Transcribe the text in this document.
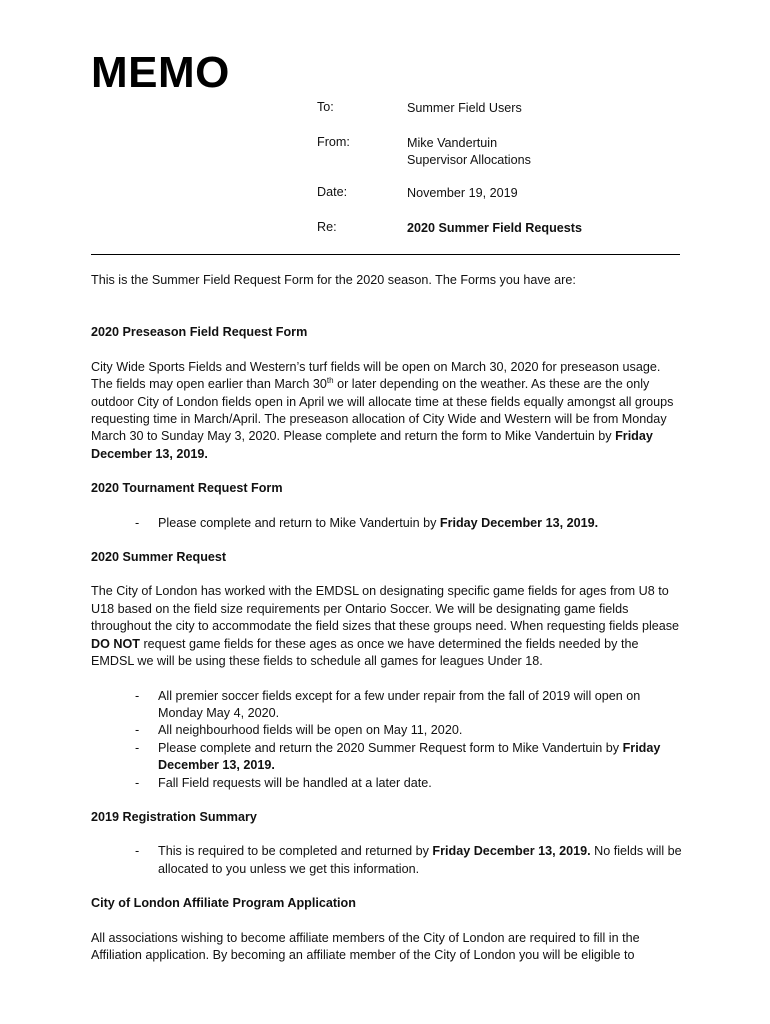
MEMO
To:	Summer Field Users
From:	Mike Vandertuin
Supervisor Allocations
Date:	November 19, 2019
Re:	2020 Summer Field Requests

This is the Summer Field Request Form for the 2020 season. The Forms you have are:

2020 Preseason Field Request Form

City Wide Sports Fields and Western’s turf fields will be open on March 30, 2020 for preseason usage. The fields may open earlier than March 30th or later depending on the weather. As these are the only outdoor City of London fields open in April we will allocate time at these fields equally amongst all groups requesting time in March/April. The preseason allocation of City Wide and Western will be from Monday March 30 to Sunday May 3, 2020. Please complete and return the form to Mike Vandertuin by Friday December 13, 2019.

2020 Tournament Request Form

- Please complete and return to Mike Vandertuin by Friday December 13, 2019.

2020 Summer Request

The City of London has worked with the EMDSL on designating specific game fields for ages from U8 to U18 based on the field size requirements per Ontario Soccer. We will be designating game fields throughout the city to accommodate the field sizes that these groups need. When requesting fields please DO NOT request game fields for these ages as once we have determined the fields needed by the EMDSL we will be using these fields to schedule all games for leagues Under 18.

- All premier soccer fields except for a few under repair from the fall of 2019 will open on Monday May 4, 2020.
- All neighbourhood fields will be open on May 11, 2020.
- Please complete and return the 2020 Summer Request form to Mike Vandertuin by Friday December 13, 2019.
- Fall Field requests will be handled at a later date.

2019 Registration Summary

- This is required to be completed and returned by Friday December 13, 2019. No fields will be allocated to you unless we get this information.

City of London Affiliate Program Application

All associations wishing to become affiliate members of the City of London are required to fill in the Affiliation application. By becoming an affiliate member of the City of London you will be eligible to
